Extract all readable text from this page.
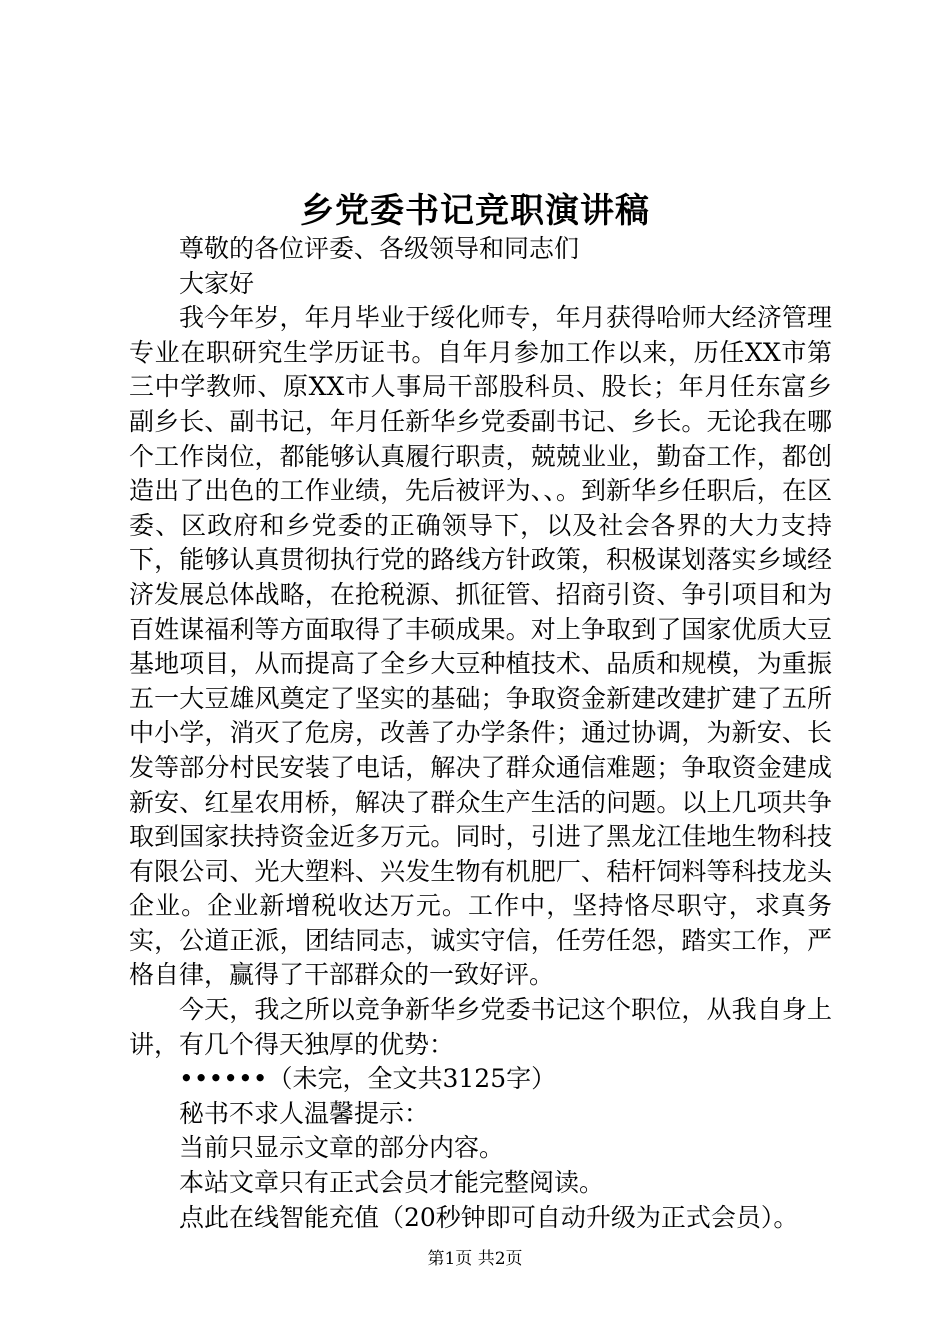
乡党委书记竞职演讲稿

尊敬的各位评委、各级领导和同志们

大家好

我今年岁，年月毕业于绥化师专，年月获得哈师大经济管理专业在职研究生学历证书。自年月参加工作以来，历任XX市第三中学教师、原XX市人事局干部股科员、股长；年月任东富乡副乡长、副书记，年月任新华乡党委副书记、乡长。无论我在哪个工作岗位，都能够认真履行职责，兢兢业业，勤奋工作，都创造出了出色的工作业绩，先后被评为、、。到新华乡任职后，在区委、区政府和乡党委的正确领导下，以及社会各界的大力支持下，能够认真贯彻执行党的路线方针政策，积极谋划落实乡域经济发展总体战略，在抢税源、抓征管、招商引资、争引项目和为百姓谋福利等方面取得了丰硕成果。对上争取到了国家优质大豆基地项目，从而提高了全乡大豆种植技术、品质和规模，为重振五一大豆雄风奠定了坚实的基础；争取资金新建改建扩建了五所中小学，消灭了危房，改善了办学条件；通过协调，为新安、长发等部分村民安装了电话，解决了群众通信难题；争取资金建成新安、红星农用桥，解决了群众生产生活的问题。以上几项共争取到国家扶持资金近多万元。同时，引进了黑龙江佳地生物科技有限公司、光大塑料、兴发生物有机肥厂、秸杆饲料等科技龙头企业。企业新增税收达万元。工作中，坚持恪尽职守，求真务实，公道正派，团结同志，诚实守信，任劳任怨，踏实工作，严格自律，赢得了干部群众的一致好评。

今天，我之所以竞争新华乡党委书记这个职位，从我自身上讲，有几个得天独厚的优势：

••••••（未完，全文共3125字）

秘书不求人温馨提示：

当前只显示文章的部分内容。

本站文章只有正式会员才能完整阅读。

点此在线智能充值（20秒钟即可自动升级为正式会员）。

第1页 共2页
